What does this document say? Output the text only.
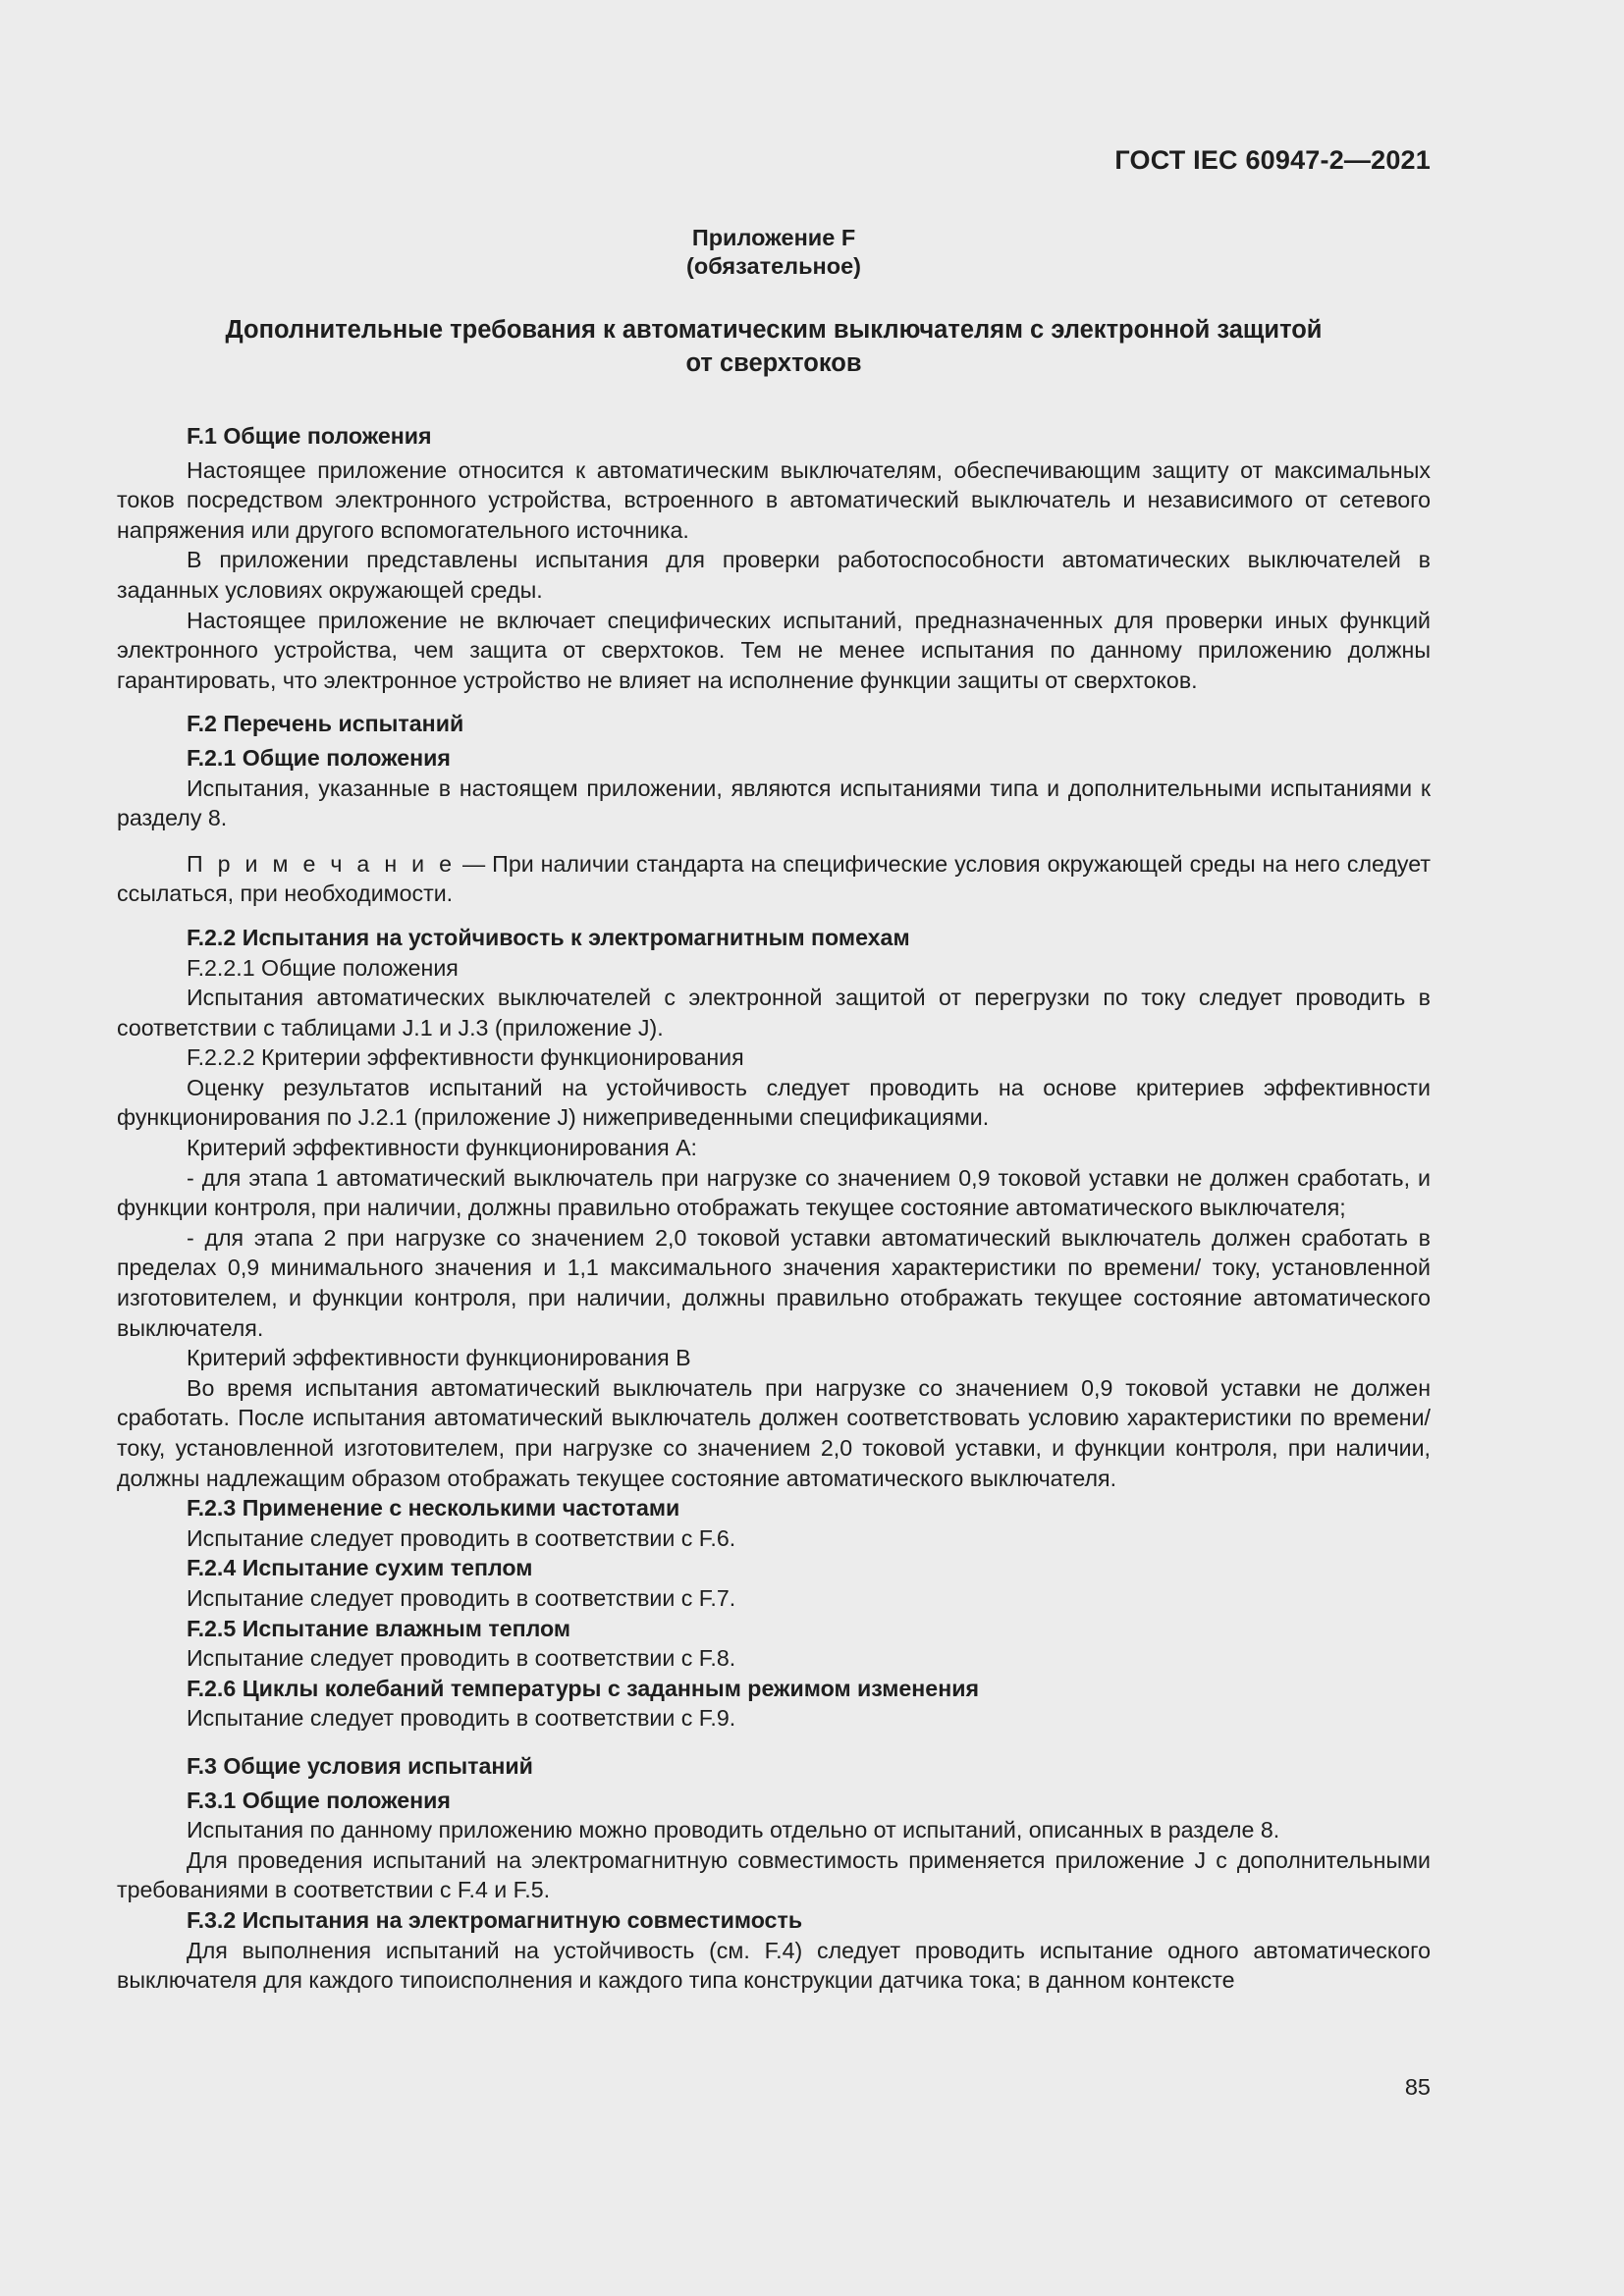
ГОСТ IEC 60947-2—2021
Приложение F
(обязательное)
Дополнительные требования к автоматическим выключателям с электронной защитой
от сверхтоков
F.1 Общие положения

Настоящее приложение относится к автоматическим выключателям, обеспечивающим защиту от максимальных токов посредством электронного устройства, встроенного в автоматический выключатель и независимого от сетевого напряжения или другого вспомогательного источника.

В приложении представлены испытания для проверки работоспособности автоматических выключателей в заданных условиях окружающей среды.

Настоящее приложение не включает специфических испытаний, предназначенных для проверки иных функций электронного устройства, чем защита от сверхтоков. Тем не менее испытания по данному приложению должны гарантировать, что электронное устройство не влияет на исполнение функции защиты от сверхтоков.

F.2 Перечень испытаний
F.2.1 Общие положения

Испытания, указанные в настоящем приложении, являются испытаниями типа и дополнительными испытаниями к разделу 8.

П р и м е ч а н и е — При наличии стандарта на специфические условия окружающей среды на него следует ссылаться, при необходимости.

F.2.2 Испытания на устойчивость к электромагнитным помехам
F.2.2.1 Общие положения

Испытания автоматических выключателей с электронной защитой от перегрузки по току следует проводить в соответствии с таблицами J.1 и J.3 (приложение J).

F.2.2.2 Критерии эффективности функционирования

Оценку результатов испытаний на устойчивость следует проводить на основе критериев эффективности функционирования по J.2.1 (приложение J) нижеприведенными спецификациями.

Критерий эффективности функционирования А:

- для этапа 1 автоматический выключатель при нагрузке со значением 0,9 токовой уставки не должен сработать, и функции контроля, при наличии, должны правильно отображать текущее состояние автоматического выключателя;

- для этапа 2 при нагрузке со значением 2,0 токовой уставки автоматический выключатель должен сработать в пределах 0,9 минимального значения и 1,1 максимального значения характеристики по времени/ току, установленной изготовителем, и функции контроля, при наличии, должны правильно отображать текущее состояние автоматического выключателя.

Критерий эффективности функционирования В

Во время испытания автоматический выключатель при нагрузке со значением 0,9 токовой уставки не должен сработать. После испытания автоматический выключатель должен соответствовать условию характеристики по времени/току, установленной изготовителем, при нагрузке со значением 2,0 токовой уставки, и функции контроля, при наличии, должны надлежащим образом отображать текущее состояние автоматического выключателя.

F.2.3 Применение с несколькими частотами

Испытание следует проводить в соответствии с F.6.

F.2.4 Испытание сухим теплом

Испытание следует проводить в соответствии с F.7.

F.2.5 Испытание влажным теплом

Испытание следует проводить в соответствии с F.8.

F.2.6 Циклы колебаний температуры с заданным режимом изменения

Испытание следует проводить в соответствии с F.9.

F.3 Общие условия испытаний
F.3.1 Общие положения

Испытания по данному приложению можно проводить отдельно от испытаний, описанных в разделе 8.

Для проведения испытаний на электромагнитную совместимость применяется приложение J с дополнительными требованиями в соответствии с F.4 и F.5.

F.3.2 Испытания на электромагнитную совместимость

Для выполнения испытаний на устойчивость (см. F.4) следует проводить испытание одного автоматического выключателя для каждого типоисполнения и каждого типа конструкции датчика тока; в данном контексте

85
